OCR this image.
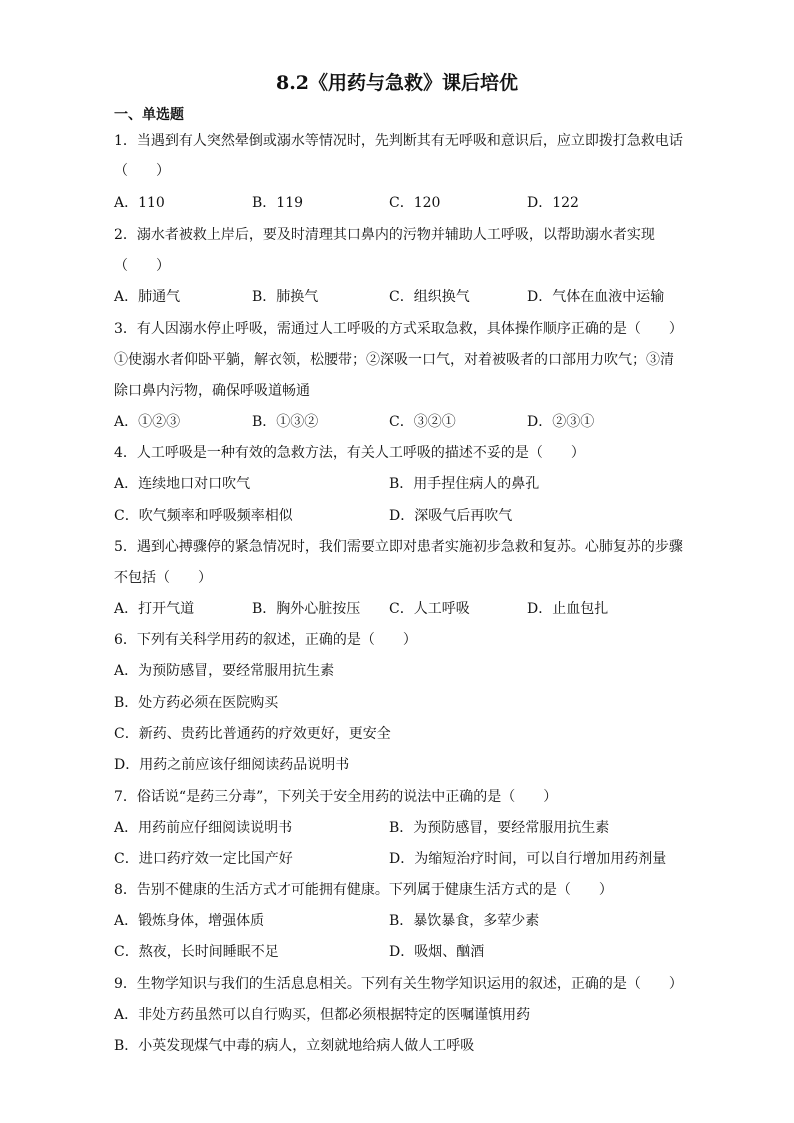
8.2《用药与急救》课后培优
一、单选题
1．当遇到有人突然晕倒或溺水等情况时，先判断其有无呼吸和意识后，应立即拨打急救电话
（　　）
A．110	B．119	C．120	D．122
2．溺水者被救上岸后，要及时清理其口鼻内的污物并辅助人工呼吸，以帮助溺水者实现
（　　）
A．肺通气	B．肺换气	C．组织换气	D．气体在血液中运输
3．有人因溺水停止呼吸，需通过人工呼吸的方式采取急救，具体操作顺序正确的是（　　）
①使溺水者仰卧平躺，解衣领，松腰带；②深吸一口气，对着被吸者的口部用力吹气；③清
除口鼻内污物，确保呼吸道畅通
A．①②③	B．①③②	C．③②①	D．②③①
4．人工呼吸是一种有效的急救方法，有关人工呼吸的描述不妥的是（　　）
A．连续地口对口吹气	B．用手捏住病人的鼻孔
C．吹气频率和呼吸频率相似	D．深吸气后再吹气
5．遇到心搏骤停的紧急情况时，我们需要立即对患者实施初步急救和复苏。心肺复苏的步骤
不包括（　　）
A．打开气道	B．胸外心脏按压 C．人工呼吸	D．止血包扎
6．下列有关科学用药的叙述，正确的是（　　）
A．为预防感冒，要经常服用抗生素
B．处方药必须在医院购买
C．新药、贵药比普通药的疗效更好，更安全
D．用药之前应该仔细阅读药品说明书
7．俗话说“是药三分毒”，下列关于安全用药的说法中正确的是（　　）
A．用药前应仔细阅读说明书	B．为预防感冒，要经常服用抗生素
C．进口药疗效一定比国产好	D．为缩短治疗时间，可以自行增加用药剂量
8．告别不健康的生活方式才可能拥有健康。下列属于健康生活方式的是（　　）
A．锻炼身体，增强体质	B．暴饮暴食，多荤少素
C．熬夜，长时间睡眠不足	D．吸烟、酗酒
9．生物学知识与我们的生活息息相关。下列有关生物学知识运用的叙述，正确的是（　　）
A．非处方药虽然可以自行购买，但都必须根据特定的医嘱谨慎用药
B．小英发现煤气中毒的病人，立刻就地给病人做人工呼吸
